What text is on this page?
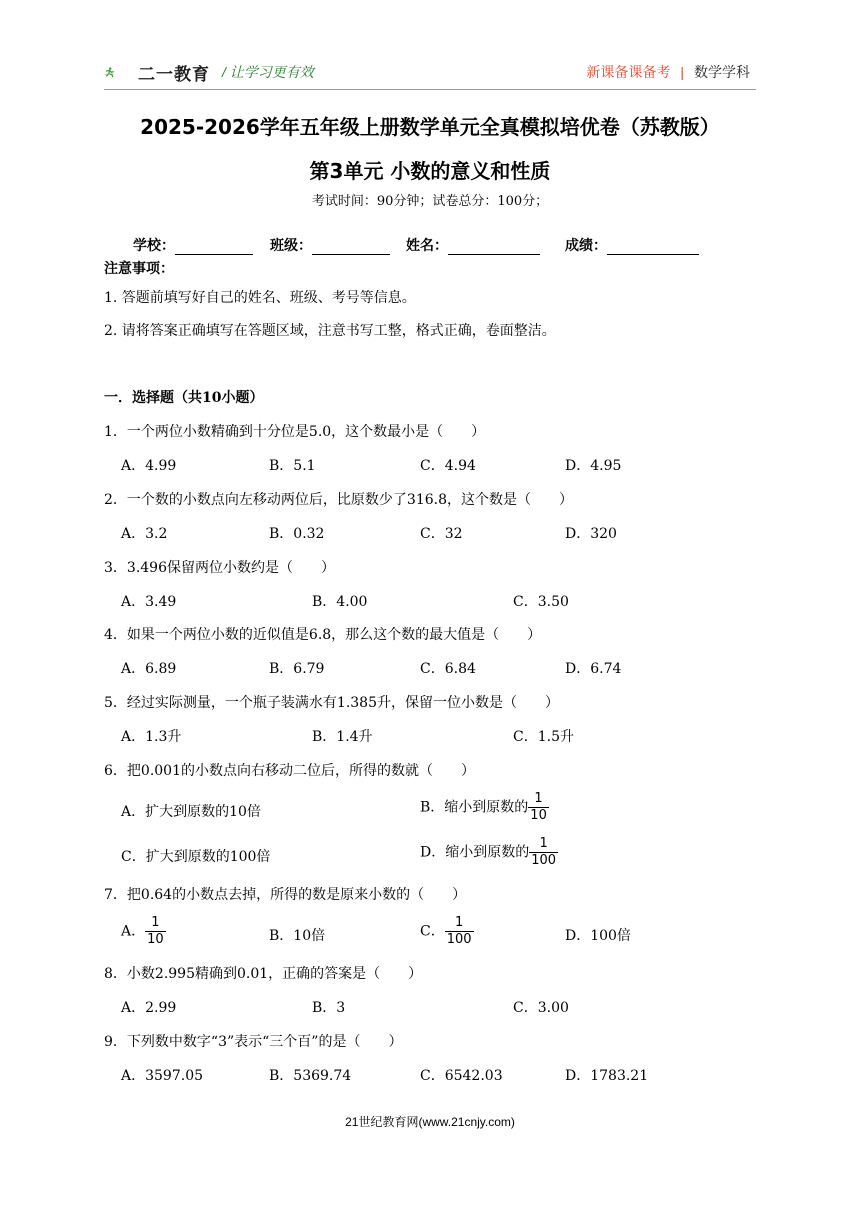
二一教育 / 让学习更有效	新课备课备考 | 数学学科
2025-2026学年五年级上册数学单元全真模拟培优卷（苏教版）
第3单元 小数的意义和性质
考试时间：90分钟；试卷总分：100分；
学校：	班级：	姓名：	成绩：
注意事项：
1. 答题前填写好自己的姓名、班级、考号等信息。
2. 请将答案正确填写在答题区域，注意书写工整，格式正确，卷面整洁。
一．选择题（共10小题）
1．一个两位小数精确到十分位是5.0，这个数最小是（　　）
A．4.99	B．5.1	C．4.94	D．4.95
2．一个数的小数点向左移动两位后，比原数少了316.8，这个数是（　　）
A．3.2	B．0.32	C．32	D．320
3．3.496保留两位小数约是（　　）
A．3.49	B．4.00	C．3.50
4．如果一个两位小数的近似值是6.8，那么这个数的最大值是（　　）
A．6.89	B．6.79	C．6.84	D．6.74
5．经过实际测量，一个瓶子装满水有1.385升，保留一位小数是（　　）
A．1.3升	B．1.4升	C．1.5升
6．把0.001的小数点向右移动二位后，所得的数就（　　）
A．扩大到原数的10倍	B．缩小到原数的 $\frac{1}{10}$
C．扩大到原数的100倍	D．缩小到原数的 $\frac{1}{100}$
7．把0.64的小数点去掉，所得的数是原来小数的（　　）
A． $\frac{1}{10}$	B．10倍	C． $\frac{1}{100}$	D．100倍
8．小数2.995精确到0.01，正确的答案是（　　）
A．2.99	B．3	C．3.00
9．下列数中数字“3”表示“三个百”的是（　　）
A．3597.05	B．5369.74	C．6542.03	D．1783.21
21世纪教育网(www.21cnjy.com)
